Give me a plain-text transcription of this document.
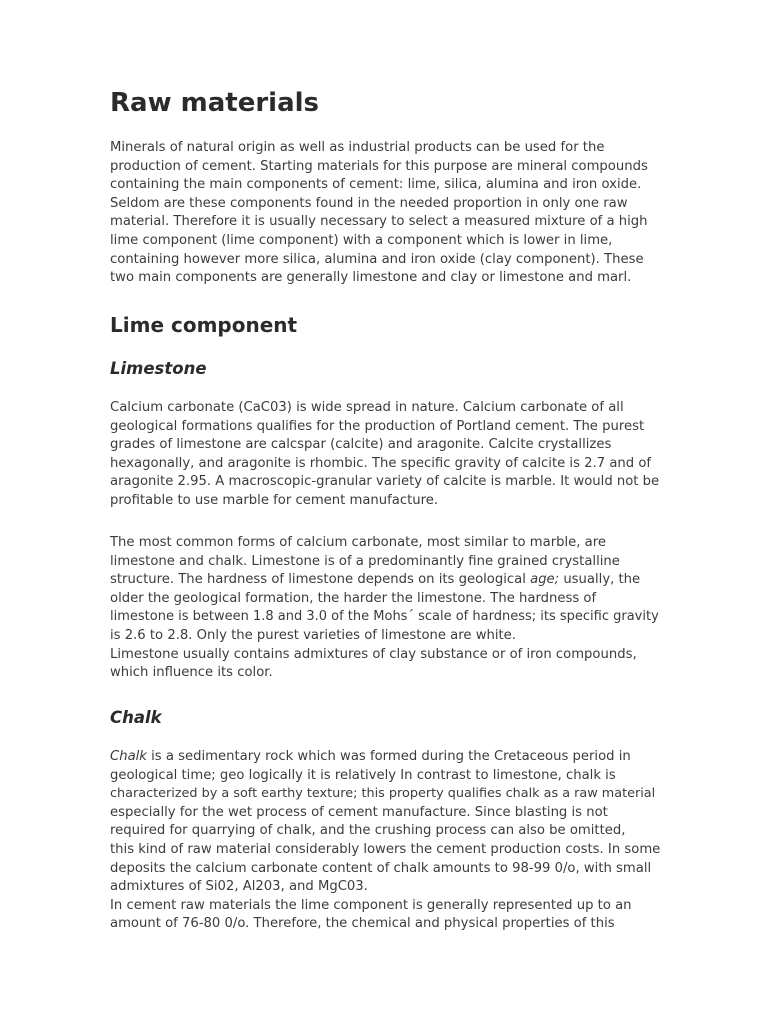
Raw materials
Minerals of natural origin as well as industrial products can be used for the
production of cement. Starting materials for this purpose are mineral compounds
containing the main components of cement: lime, silica, alumina and iron oxide.
Seldom are these components found in the needed proportion in only one raw
material. Therefore it is usually necessary to select a measured mixture of a high
lime component (lime component) with a component which is lower in lime,
containing however more silica, alumina and iron oxide (clay component). These
two main components are generally limestone and clay or limestone and marl.
Lime component
Limestone
Calcium carbonate (CaC03) is wide spread in nature. Calcium carbonate of all
geological formations qualifies for the production of Portland cement. The purest
grades of limestone are calcspar (calcite) and aragonite. Calcite crystallizes
hexagonally, and aragonite is rhombic. The specific gravity of calcite is 2.7 and of
aragonite 2.95. A macroscopic-granular variety of calcite is marble. It would not be
profitable to use marble for cement manufacture.
The most common forms of calcium carbonate, most similar to marble, are
limestone and chalk. Limestone is of a predominantly fine grained crystalline
structure. The hardness of limestone depends on its geological age; usually, the
older the geological formation, the harder the limestone. The hardness of
limestone is between 1.8 and 3.0 of the Mohs´ scale of hardness; its specific gravity
is 2.6 to 2.8. Only the purest varieties of limestone are white.
Limestone usually contains admixtures of clay substance or of iron compounds,
which influence its color.
Chalk
Chalk is a sedimentary rock which was formed during the Cretaceous period in
geological time; geo logically it is relatively In contrast to limestone, chalk is
characterized by a soft earthy texture; this property qualifies chalk as a raw material
especially for the wet process of cement manufacture. Since blasting is not
required for quarrying of chalk, and the crushing process can also be omitted,
this kind of raw material considerably lowers the cement production costs. In some
deposits the calcium carbonate content of chalk amounts to 98-99 0/o, with small
admixtures of Si02, Al203, and MgC03.
In cement raw materials the lime component is generally represented up to an
amount of 76-80 0/o. Therefore, the chemical and physical properties of this
